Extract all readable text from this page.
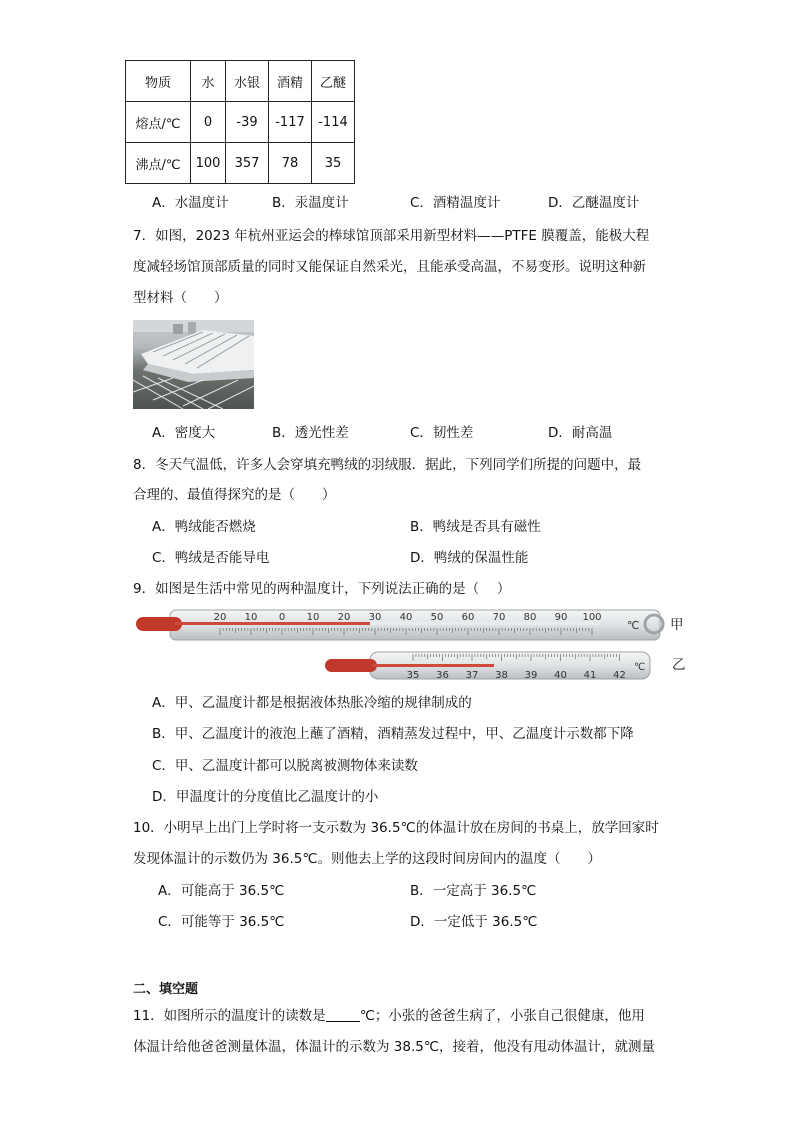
物质	水	水银	酒精	乙醚
熔点/℃	0	-39	-117	-114
沸点/℃	100	357	78	35
A．水温度计	B．汞温度计	C．酒精温度计	D．乙醚温度计
7．如图，2023 年杭州亚运会的棒球馆顶部采用新型材料——PTFE 膜覆盖，能极大程
度减轻场馆顶部质量的同时又能保证自然采光，且能承受高温，不易变形。说明这种新
型材料（　　）
A．密度大	B．透光性差	C．韧性差	D．耐高温
8．冬天气温低，许多人会穿填充鸭绒的羽绒服．据此，下列同学们所提的问题中，最
合理的、最值得探究的是（　　）
A．鸭绒能否燃烧	B．鸭绒是否具有磁性
C．鸭绒是否能导电	D．鸭绒的保温性能
9．如图是生活中常见的两种温度计，下列说法正确的是（　 ）
20 10 0 10 20 30 40 50 60 70 80 90 100
℃ 甲
35 36 37 38 39 40 41 42
℃ 乙
A．甲、乙温度计都是根据液体热胀冷缩的规律制成的
B．甲、乙温度计的液泡上蘸了酒精，酒精蒸发过程中，甲、乙温度计示数都下降
C．甲、乙温度计都可以脱离被测物体来读数
D．甲温度计的分度值比乙温度计的小
10．小明早上出门上学时将一支示数为 36.5℃的体温计放在房间的书桌上，放学回家时
发现体温计的示数仍为 36.5℃。则他去上学的这段时间房间内的温度（　　）
A．可能高于 36.5℃	B．一定高于 36.5℃
C．可能等于 36.5℃	D．一定低于 36.5℃
二、填空题
11．如图所示的温度计的读数是	℃；小张的爸爸生病了，小张自己很健康，他用
体温计给他爸爸测量体温，体温计的示数为 38.5℃，接着，他没有甩动体温计，就测量
